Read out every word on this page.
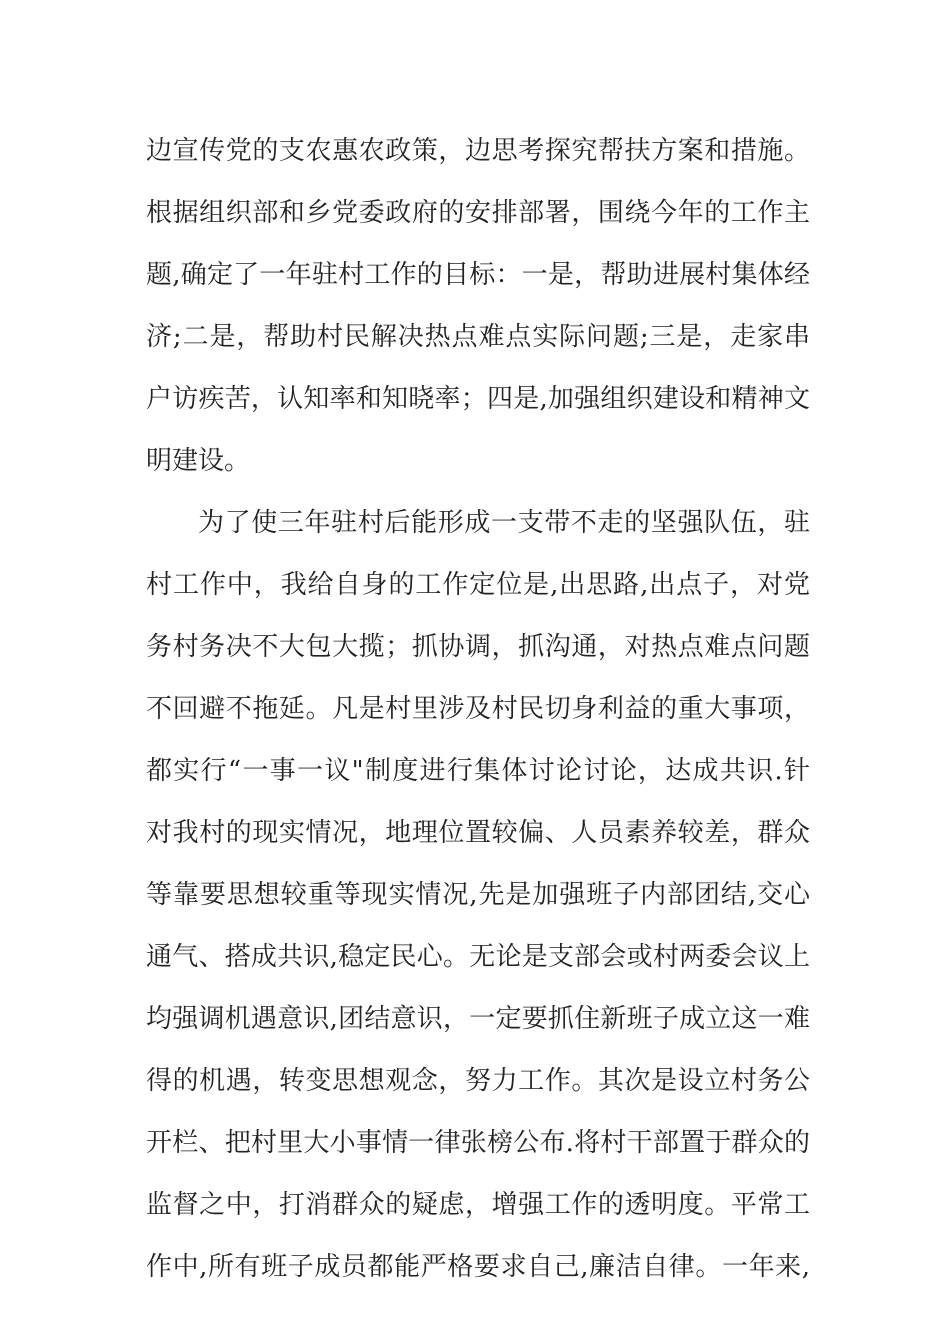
边宣传党的支农惠农政策，边思考探究帮扶方案和措施。
根据组织部和乡党委政府的安排部署，围绕今年的工作主
题,确定了一年驻村工作的目标：一是，帮助进展村集体经
济;二是，帮助村民解决热点难点实际问题;三是，走家串
户访疾苦，认知率和知晓率；四是,加强组织建设和精神文
明建设。
为了使三年驻村后能形成一支带不走的坚强队伍，驻
村工作中，我给自身的工作定位是,出思路,出点子，对党
务村务决不大包大揽；抓协调，抓沟通，对热点难点问题
不回避不拖延。凡是村里涉及村民切身利益的重大事项，
都实行“一事一议"制度进行集体讨论讨论，达成共识.针
对我村的现实情况，地理位置较偏、人员素养较差，群众
等靠要思想较重等现实情况,先是加强班子内部团结,交心
通气、搭成共识,稳定民心。无论是支部会或村两委会议上
均强调机遇意识,团结意识，一定要抓住新班子成立这一难
得的机遇，转变思想观念，努力工作。其次是设立村务公
开栏、把村里大小事情一律张榜公布.将村干部置于群众的
监督之中，打消群众的疑虑，增强工作的透明度。平常工
作中,所有班子成员都能严格要求自己,廉洁自律。一年来,
